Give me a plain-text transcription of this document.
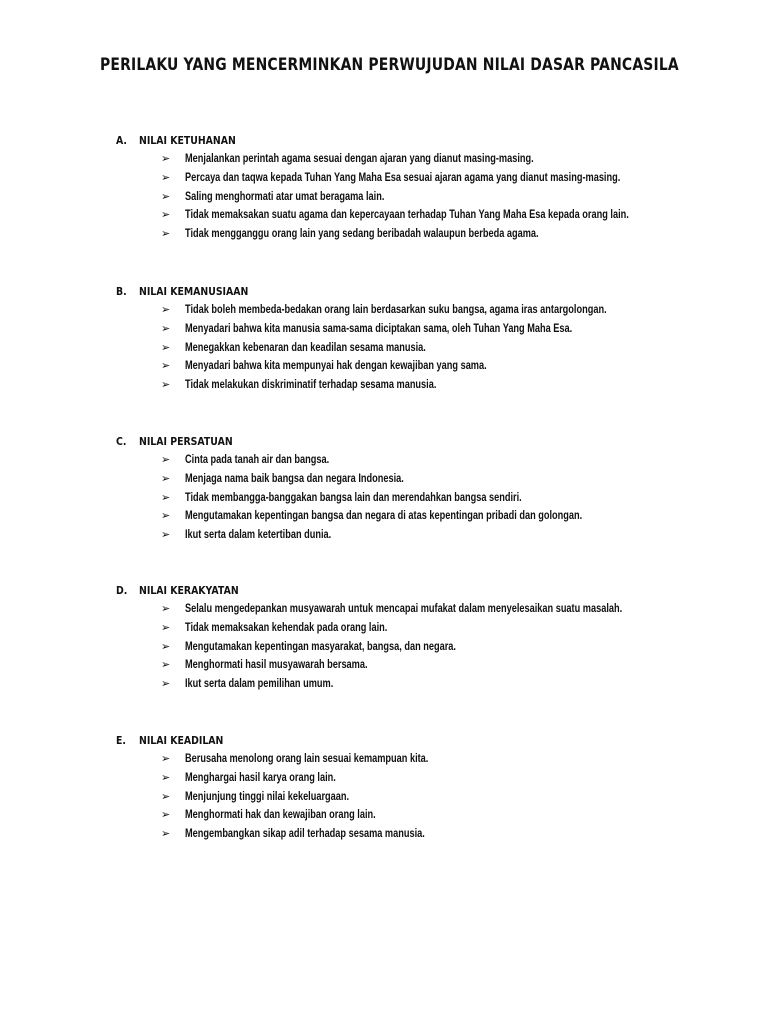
PERILAKU YANG MENCERMINKAN PERWUJUDAN NILAI DASAR PANCASILA
A. NILAI KETUHANAN
➢ Menjalankan perintah agama sesuai dengan ajaran yang dianut masing-masing.
➢ Percaya dan taqwa kepada Tuhan Yang Maha Esa sesuai ajaran agama yang dianut masing-masing.
➢ Saling menghormati atar umat beragama lain.
➢ Tidak memaksakan suatu agama dan kepercayaan terhadap Tuhan Yang Maha Esa kepada orang lain.
➢ Tidak mengganggu orang lain yang sedang beribadah walaupun berbeda agama.
B. NILAI KEMANUSIAAN
➢ Tidak boleh membeda-bedakan orang lain berdasarkan suku bangsa, agama iras antargolongan.
➢ Menyadari bahwa kita manusia sama-sama diciptakan sama, oleh Tuhan Yang Maha Esa.
➢ Menegakkan kebenaran dan keadilan sesama manusia.
➢ Menyadari bahwa kita mempunyai hak dengan kewajiban yang sama.
➢ Tidak melakukan diskriminatif terhadap sesama manusia.
C. NILAI PERSATUAN
➢ Cinta pada tanah air dan bangsa.
➢ Menjaga nama baik bangsa dan negara Indonesia.
➢ Tidak membangga-banggakan bangsa lain dan merendahkan bangsa sendiri.
➢ Mengutamakan kepentingan bangsa dan negara di atas kepentingan pribadi dan golongan.
➢ Ikut serta dalam ketertiban dunia.
D. NILAI KERAKYATAN
➢ Selalu mengedepankan musyawarah untuk mencapai mufakat dalam menyelesaikan suatu masalah.
➢ Tidak memaksakan kehendak pada orang lain.
➢ Mengutamakan kepentingan masyarakat, bangsa, dan negara.
➢ Menghormati hasil musyawarah bersama.
➢ Ikut serta dalam pemilihan umum.
E. NILAI KEADILAN
➢ Berusaha menolong orang lain sesuai kemampuan kita.
➢ Menghargai hasil karya orang lain.
➢ Menjunjung tinggi nilai kekeluargaan.
➢ Menghormati hak dan kewajiban orang lain.
➢ Mengembangkan sikap adil terhadap sesama manusia.
